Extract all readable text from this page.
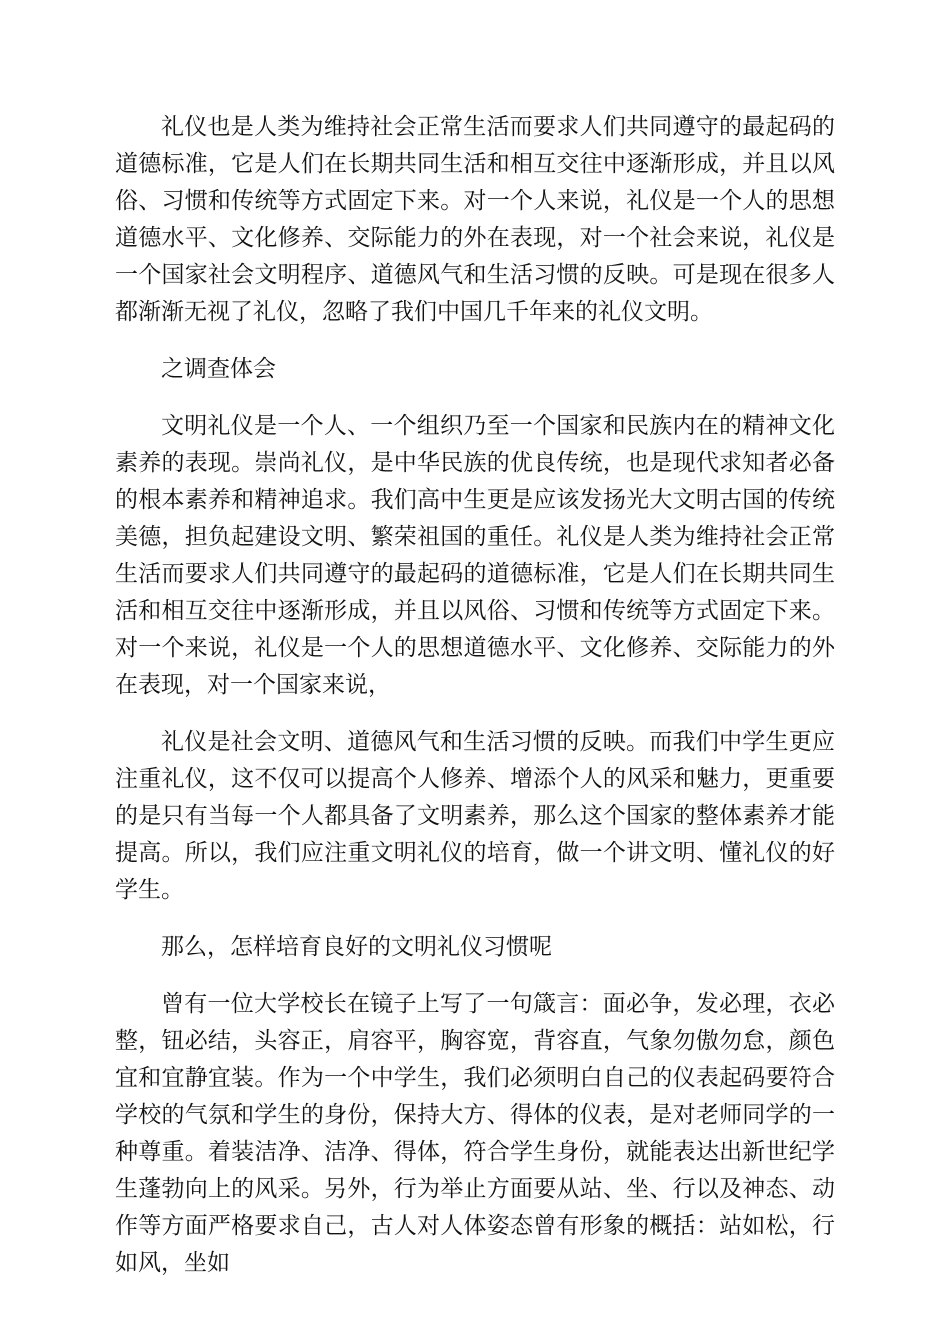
礼仪也是人类为维持社会正常生活而要求人们共同遵守的最起码的道德标准，它是人们在长期共同生活和相互交往中逐渐形成，并且以风俗、习惯和传统等方式固定下来。对一个人来说，礼仪是一个人的思想道德水平、文化修养、交际能力的外在表现，对一个社会来说，礼仪是一个国家社会文明程序、道德风气和生活习惯的反映。可是现在很多人都渐渐无视了礼仪，忽略了我们中国几千年来的礼仪文明。

之调查体会

文明礼仪是一个人、一个组织乃至一个国家和民族内在的精神文化素养的表现。崇尚礼仪，是中华民族的优良传统，也是现代求知者必备的根本素养和精神追求。我们高中生更是应该发扬光大文明古国的传统美德，担负起建设文明、繁荣祖国的重任。礼仪是人类为维持社会正常生活而要求人们共同遵守的最起码的道德标准，它是人们在长期共同生活和相互交往中逐渐形成，并且以风俗、习惯和传统等方式固定下来。对一个来说，礼仪是一个人的思想道德水平、文化修养、交际能力的外在表现，对一个国家来说，

礼仪是社会文明、道德风气和生活习惯的反映。而我们中学生更应注重礼仪，这不仅可以提高个人修养、增添个人的风采和魅力，更重要的是只有当每一个人都具备了文明素养，那么这个国家的整体素养才能提高。所以，我们应注重文明礼仪的培育，做一个讲文明、懂礼仪的好学生。

那么，怎样培育良好的文明礼仪习惯呢

曾有一位大学校长在镜子上写了一句箴言：面必争，发必理，衣必整，钮必结，头容正，肩容平，胸容宽，背容直，气象勿傲勿怠，颜色宜和宜静宜装。作为一个中学生，我们必须明白自己的仪表起码要符合学校的气氛和学生的身份，保持大方、得体的仪表，是对老师同学的一种尊重。着装洁净、洁净、得体，符合学生身份，就能表达出新世纪学生蓬勃向上的风采。另外，行为举止方面要从站、坐、行以及神态、动作等方面严格要求自己，古人对人体姿态曾有形象的概括：站如松，行如风，坐如
